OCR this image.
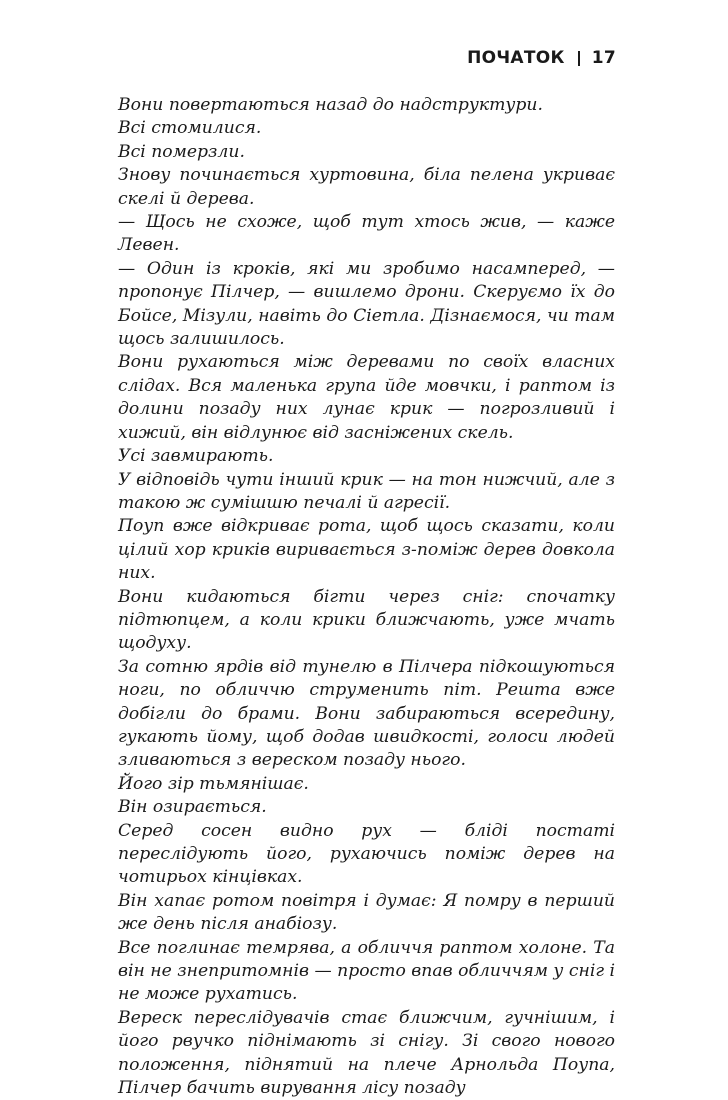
ПОЧАТОК 17

Вони повертаються назад до надструктури.

Всі стомилися.

Всі померзли.

Знову починається хуртовина, біла пелена укриває скелі й дерева.

— Щось не схоже, щоб тут хтось жив, — каже Левен.

— Один із кроків, які ми зробимо насамперед, — пропонує Пілчер, — вишлемо дрони. Скеруємо їх до Бойсе, Мізули, навіть до Сіетла. Дізнаємося, чи там щось залишилось.

Вони рухаються між деревами по своїх власних слідах. Вся маленька група йде мовчки, і раптом із долини позаду них лунає крик — погрозливий і хижий, він відлунює від засніжених скель.

Усі завмирають.

У відповідь чути інший крик — на тон нижчий, але з такою ж сумішшю печалі й агресії.

Поуп вже відкриває рота, щоб щось сказати, коли цілий хор криків виривається з-поміж дерев довкола них.

Вони кидаються бігти через сніг: спочатку підтюпцем, а коли крики ближчають, уже мчать щодуху.

За сотню ярдів від тунелю в Пілчера підкошуються ноги, по обличчю струменить піт. Решта вже добігли до брами. Вони забираються всередину, гукають йому, щоб додав швидкості, голоси людей зливаються з вереском позаду нього.

Його зір тьмянішає.

Він озирається.

Серед сосен видно рух — бліді постаті переслідують його, рухаючись поміж дерев на чотирьох кінцівках.

Він хапає ротом повітря і думає: Я помру в перший же день після анабіозу.

Все поглинає темрява, а обличчя раптом холоне. Та він не знепритомнів — просто впав обличчям у сніг і не може рухатись.

Вереск переслідувачів стає ближчим, гучнішим, і його рвучко піднімають зі снігу. Зі свого нового положення, піднятий на плече Арнольда Поупа, Пілчер бачить вирування лісу позаду
